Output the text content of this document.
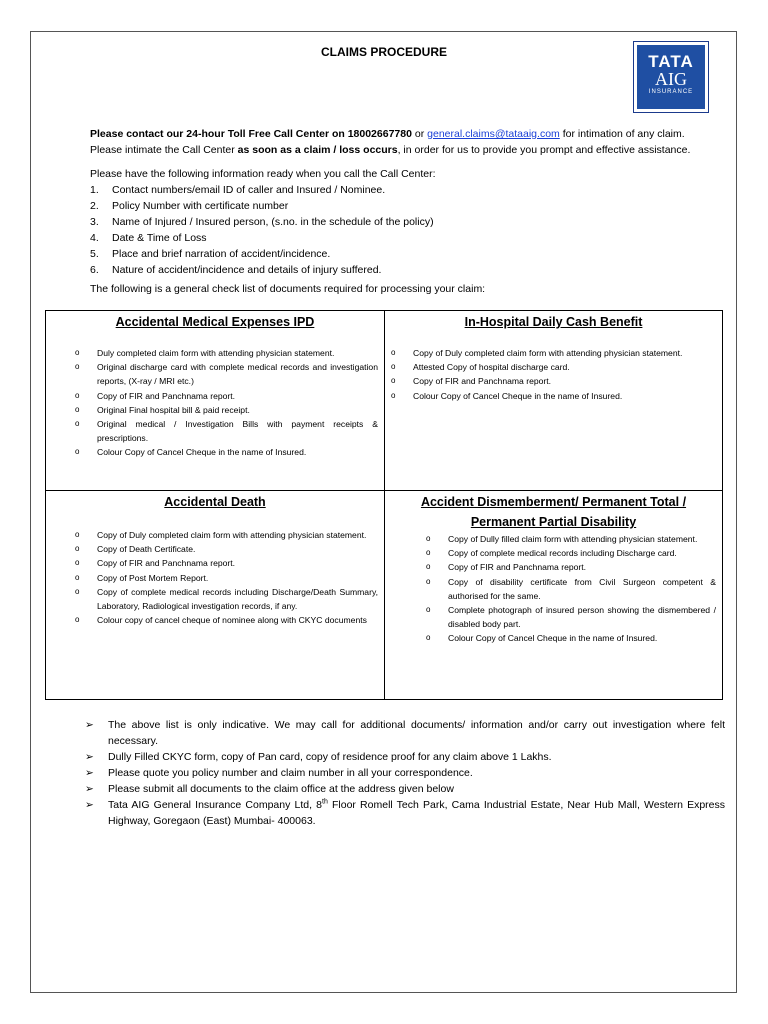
CLAIMS PROCEDURE	TATA
AIG
INSURANCE
Please contact our 24-hour Toll Free Call Center on 18002667780 or general.claims@tataaig.com for intimation of any claim.
Please intimate the Call Center as soon as a claim / loss occurs, in order for us to provide you prompt and effective assistance.
Please have the following information ready when you call the Call Center:
1.	Contact numbers/email ID of caller and Insured / Nominee.
2.	Policy Number with certificate number
3.	Name of Injured / Insured person, (s.no. in the schedule of the policy)
4.	Date & Time of Loss
5.	Place and brief narration of accident/incidence.
6.	Nature of accident/incidence and details of injury suffered.
The following is a general check list of documents required for processing your claim:
Accidental Medical Expenses IPD
o Duly completed claim form with attending physician statement.
o Original discharge card with complete medical records and investigation reports, (X-ray / MRI etc.)
o Copy of FIR and Panchnama report.
o Original Final hospital bill & paid receipt.
o Original medical / Investigation Bills with payment receipts & prescriptions.
o Colour Copy of Cancel Cheque in the name of Insured.
In-Hospital Daily Cash Benefit
o Copy of Duly completed claim form with attending physician statement.
o Attested Copy of hospital discharge card.
o Copy of FIR and Panchnama report.
o Colour Copy of Cancel Cheque in the name of Insured.
Accidental Death
o Copy of Duly completed claim form with attending physician statement.
o Copy of Death Certificate.
o Copy of FIR and Panchnama report.
o Copy of Post Mortem Report.
o Copy of complete medical records including Discharge/Death Summary, Laboratory, Radiological investigation records, if any.
o Colour copy of cancel cheque of nominee along with CKYC documents
Accident Dismemberment/ Permanent Total /
Permanent Partial Disability
o Copy of Dully filled claim form with attending physician statement.
o Copy of complete medical records including Discharge card.
o Copy of FIR and Panchnama report.
o Copy of disability certificate from Civil Surgeon competent & authorised for the same.
o Complete photograph of insured person showing the dismembered / disabled body part.
o Colour Copy of Cancel Cheque in the name of Insured.
➢ The above list is only indicative. We may call for additional documents/ information and/or carry out investigation where felt necessary.
➢ Dully Filled CKYC form, copy of Pan card, copy of residence proof for any claim above 1 Lakhs.
➢ Please quote you policy number and claim number in all your correspondence.
➢ Please submit all documents to the claim office at the address given below
➢ Tata AIG General Insurance Company Ltd, 8th Floor Romell Tech Park, Cama Industrial Estate, Near Hub Mall, Western Express Highway, Goregaon (East) Mumbai- 400063.
